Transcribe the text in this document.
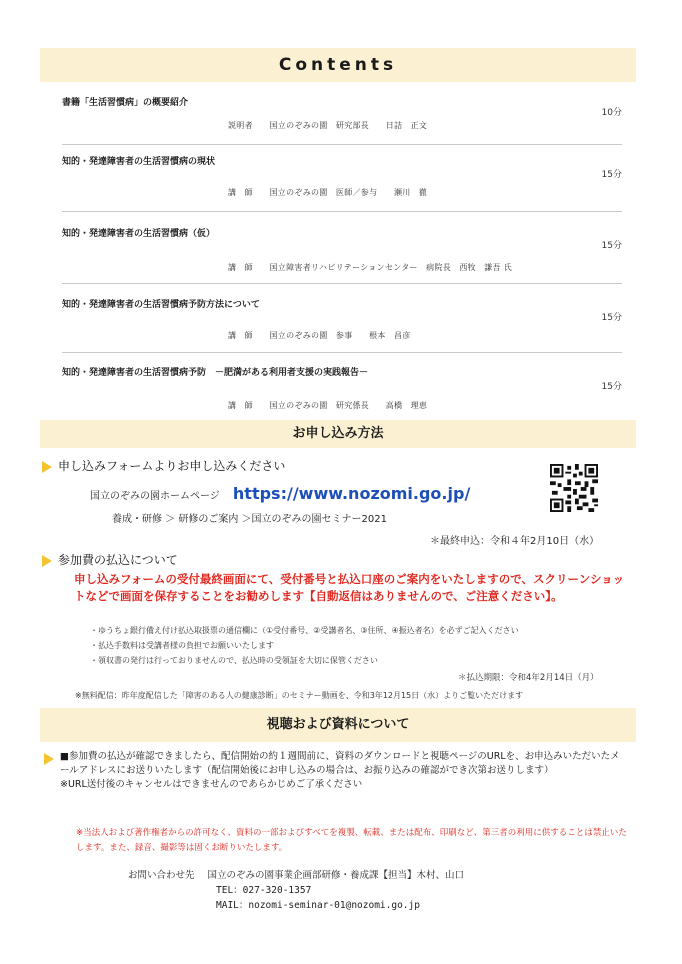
Contents
書籍「生活習慣病」の概要紹介
10分
説明者　　国立のぞみの園　研究部長　　日詰　正文
知的・発達障害者の生活習慣病の現状
15分
講　師　　国立のぞみの園　医師／参与　　瀬川　徹
知的・発達障害者の生活習慣病（仮）
15分
講　師　　国立障害者リハビリテーションセンター　病院長　西牧　謙吾 氏
知的・発達障害者の生活習慣病予防方法について
15分
講　師　　国立のぞみの園　参事　　根本　昌彦
知的・発達障害者の生活習慣病予防　－肥満がある利用者支援の実践報告－
15分
講　師　　国立のぞみの園　研究係長　　高橋　理恵
お申し込み方法
申し込みフォームよりお申し込みください
国立のぞみの園ホームページ https://www.nozomi.go.jp/
養成・研修 ＞ 研修のご案内 ＞国立のぞみの園セミナー2021
＊最終申込：令和４年2月10日（水）
参加費の払込について
申し込みフォームの受付最終画面にて、受付番号と払込口座のご案内をいたしますので、スクリーンショットなどで画面を保存することをお勧めします【自動返信はありませんので、ご注意ください】。
・ゆうちょ銀行備え付け払込取扱票の通信欄に（①受付番号、②受講者名、③住所、④振込者名）を必ずご記入ください
・払込手数料は受講者様の負担でお願いいたします
・領収書の発行は行っておりませんので、払込時の受領証を大切に保管ください
＊払込期限：令和4年2月14日（月）
※無料配信：昨年度配信した「障害のある人の健康診断」のセミナー動画を、令和3年12月15日（水）よりご覧いただけます
視聴および資料について
■参加費の払込が確認できましたら、配信開始の約１週間前に、資料のダウンロードと視聴ページのURLを、お申込みいただいたメールアドレスにお送りいたします（配信開始後にお申し込みの場合は、お振り込みの確認ができ次第お送りします）
※URL送付後のキャンセルはできませんのであらかじめご了承ください
※当法人および著作権者からの許可なく、資料の一部およびすべてを複製、転載、または配布、印刷など、第三者の利用に供することは禁止いたします。また、録音、撮影等は固くお断りいたします。
お問い合わせ先 国立のぞみの園事業企画部研修・養成課【担当】木村、山口
TEL：027-320-1357
MAIL：nozomi-seminar-01@nozomi.go.jp
